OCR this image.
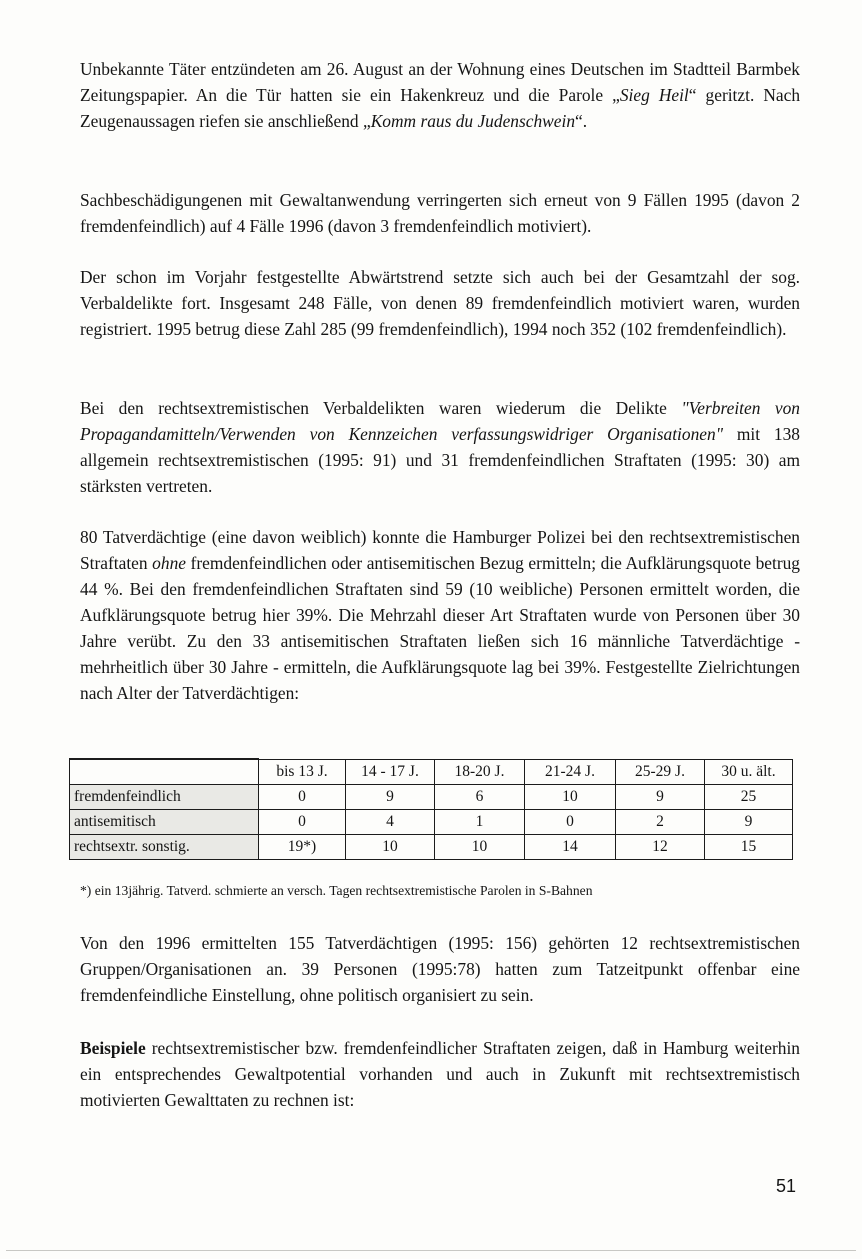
Unbekannte Täter entzündeten am 26. August an der Wohnung eines Deutschen im Stadtteil Barmbek Zeitungspapier. An die Tür hatten sie ein Hakenkreuz und die Parole „Sieg Heil“ geritzt. Nach Zeugenaussagen riefen sie anschließend „Komm raus du Judenschwein“.

Sachbeschädigungenen mit Gewaltanwendung verringerten sich erneut von 9 Fällen 1995 (davon 2 fremdenfeindlich) auf 4 Fälle 1996 (davon 3 fremdenfeindlich motiviert).

Der schon im Vorjahr festgestellte Abwärtstrend setzte sich auch bei der Gesamtzahl der sog. Verbaldelikte fort. Insgesamt 248 Fälle, von denen 89 fremdenfeindlich motiviert waren, wurden registriert. 1995 betrug diese Zahl 285 (99 fremdenfeindlich), 1994 noch 352 (102 fremdenfeindlich).

Bei den rechtsextremistischen Verbaldelikten waren wiederum die Delikte "Verbreiten von Propagandamitteln/Verwenden von Kennzeichen verfassungswidriger Organisationen" mit 138 allgemein rechtsextremistischen (1995: 91) und 31 fremdenfeindlichen Straftaten (1995: 30) am stärksten vertreten.

80 Tatverdächtige (eine davon weiblich) konnte die Hamburger Polizei bei den rechtsextremistischen Straftaten ohne fremdenfeindlichen oder antisemitischen Bezug ermitteln; die Aufklärungsquote betrug 44 %. Bei den fremdenfeindlichen Straftaten sind 59 (10 weibliche) Personen ermittelt worden, die Aufklärungsquote betrug hier 39%. Die Mehrzahl dieser Art Straftaten wurde von Personen über 30 Jahre verübt. Zu den 33 antisemitischen Straftaten ließen sich 16 männliche Tatverdächtige - mehrheitlich über 30 Jahre - ermitteln, die Aufklärungsquote lag bei 39%. Festgestellte Zielrichtungen nach Alter der Tatverdächtigen:

	bis 13 J.	14 - 17 J.	18-20 J.	21-24 J.	25-29 J.	30 u. ält.
fremdenfeindlich	0	9	6	10	9	25
antisemitisch	0	4	1	0	2	9
rechtsextr. sonstig.	19*)	10	10	14	12	15

*) ein 13jährig. Tatverd. schmierte an versch. Tagen rechtsextremistische Parolen in S-Bahnen

Von den 1996 ermittelten 155 Tatverdächtigen (1995: 156) gehörten 12 rechtsextremistischen Gruppen/Organisationen an. 39 Personen (1995:78) hatten zum Tatzeitpunkt offenbar eine fremdenfeindliche Einstellung, ohne politisch organisiert zu sein.

Beispiele rechtsextremistischer bzw. fremdenfeindlicher Straftaten zeigen, daß in Hamburg weiterhin ein entsprechendes Gewaltpotential vorhanden und auch in Zukunft mit rechtsextremistisch motivierten Gewalttaten zu rechnen ist:

51
